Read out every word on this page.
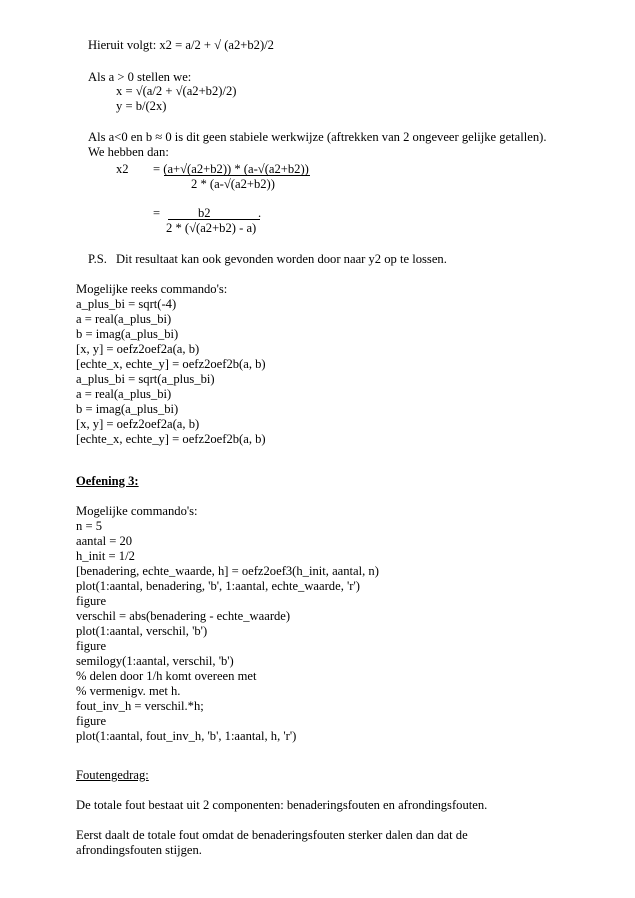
Hieruit volgt: x2 = a/2 + √ (a2+b2)/2
Als a > 0 stellen we:
x = √(a/2 + √(a2+b2)/2)
y = b/(2x)
Als a<0 en b ≈ 0 is dit geen stabiele werkwijze (aftrekken van 2 ongeveer gelijke getallen).
We hebben dan:
x2 = (a+√(a2+b2)) * (a-√(a2+b2))
2 * (a-√(a2+b2))
=	b2	.
2 * (√(a2+b2) - a)
P.S. Dit resultaat kan ook gevonden worden door naar y2 op te lossen.
Mogelijke reeks commando's:
a_plus_bi = sqrt(-4)
a = real(a_plus_bi)
b = imag(a_plus_bi)
[x, y] = oefz2oef2a(a, b)
[echte_x, echte_y] = oefz2oef2b(a, b)
a_plus_bi = sqrt(a_plus_bi)
a = real(a_plus_bi)
b = imag(a_plus_bi)
[x, y] = oefz2oef2a(a, b)
[echte_x, echte_y] = oefz2oef2b(a, b)
Oefening 3:
Mogelijke commando's:
n = 5
aantal = 20
h_init = 1/2
[benadering, echte_waarde, h] = oefz2oef3(h_init, aantal, n)
plot(1:aantal, benadering, 'b', 1:aantal, echte_waarde, 'r')
figure
verschil = abs(benadering - echte_waarde)
plot(1:aantal, verschil, 'b')
figure
semilogy(1:aantal, verschil, 'b')
% delen door 1/h komt overeen met
% vermenigv. met h.
fout_inv_h = verschil.*h;
figure
plot(1:aantal, fout_inv_h, 'b', 1:aantal, h, 'r')
Foutengedrag:
De totale fout bestaat uit 2 componenten: benaderingsfouten en afrondingsfouten.
Eerst daalt de totale fout omdat de benaderingsfouten sterker dalen dan dat de
afrondingsfouten stijgen.
